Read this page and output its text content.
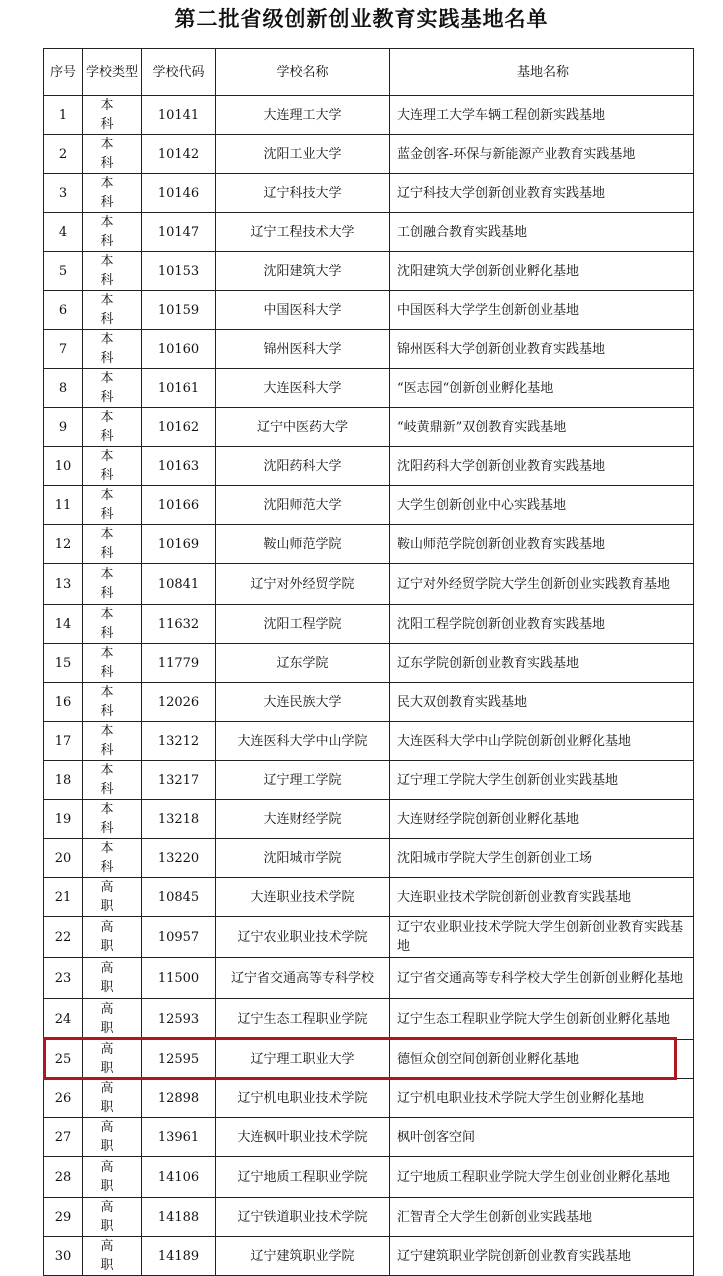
第二批省级创新创业教育实践基地名单
序号	学校类型	学校代码	学校名称	基地名称
1	本 科	10141	大连理工大学	大连理工大学车辆工程创新实践基地
2	本 科	10142	沈阳工业大学	蓝金创客-环保与新能源产业教育实践基地
3	本 科	10146	辽宁科技大学	辽宁科技大学创新创业教育实践基地
4	本 科	10147	辽宁工程技术大学	工创融合教育实践基地
5	本 科	10153	沈阳建筑大学	沈阳建筑大学创新创业孵化基地
6	本 科	10159	中国医科大学	中国医科大学学生创新创业基地
7	本 科	10160	锦州医科大学	锦州医科大学创新创业教育实践基地
8	本 科	10161	大连医科大学	“医志园“创新创业孵化基地
9	本 科	10162	辽宁中医药大学	“岐黄鼎新”双创教育实践基地
10	本 科	10163	沈阳药科大学	沈阳药科大学创新创业教育实践基地
11	本 科	10166	沈阳师范大学	大学生创新创业中心实践基地
12	本 科	10169	鞍山师范学院	鞍山师范学院创新创业教育实践基地
13	本 科	10841	辽宁对外经贸学院	辽宁对外经贸学院大学生创新创业实践教育基地
14	本 科	11632	沈阳工程学院	沈阳工程学院创新创业教育实践基地
15	本 科	11779	辽东学院	辽东学院创新创业教育实践基地
16	本 科	12026	大连民族大学	民大双创教育实践基地
17	本 科	13212	大连医科大学中山学院	大连医科大学中山学院创新创业孵化基地
18	本 科	13217	辽宁理工学院	辽宁理工学院大学生创新创业实践基地
19	本 科	13218	大连财经学院	大连财经学院创新创业孵化基地
20	本 科	13220	沈阳城市学院	沈阳城市学院大学生创新创业工场
21	高 职	10845	大连职业技术学院	大连职业技术学院创新创业教育实践基地
22	高 职	10957	辽宁农业职业技术学院	辽宁农业职业技术学院大学生创新创业教育实践基地
23	高 职	11500	辽宁省交通高等专科学校	辽宁省交通高等专科学校大学生创新创业孵化基地
24	高 职	12593	辽宁生态工程职业学院	辽宁生态工程职业学院大学生创新创业孵化基地
25	高 职	12595	辽宁理工职业大学	德恒众创空间创新创业孵化基地
26	高 职	12898	辽宁机电职业技术学院	辽宁机电职业技术学院大学生创业孵化基地
27	高 职	13961	大连枫叶职业技术学院	枫叶创客空间
28	高 职	14106	辽宁地质工程职业学院	辽宁地质工程职业学院大学生创业创业孵化基地
29	高 职	14188	辽宁铁道职业技术学院	汇智青仝大学生创新创业实践基地
30	高 职	14189	辽宁建筑职业学院	辽宁建筑职业学院创新创业教育实践基地
